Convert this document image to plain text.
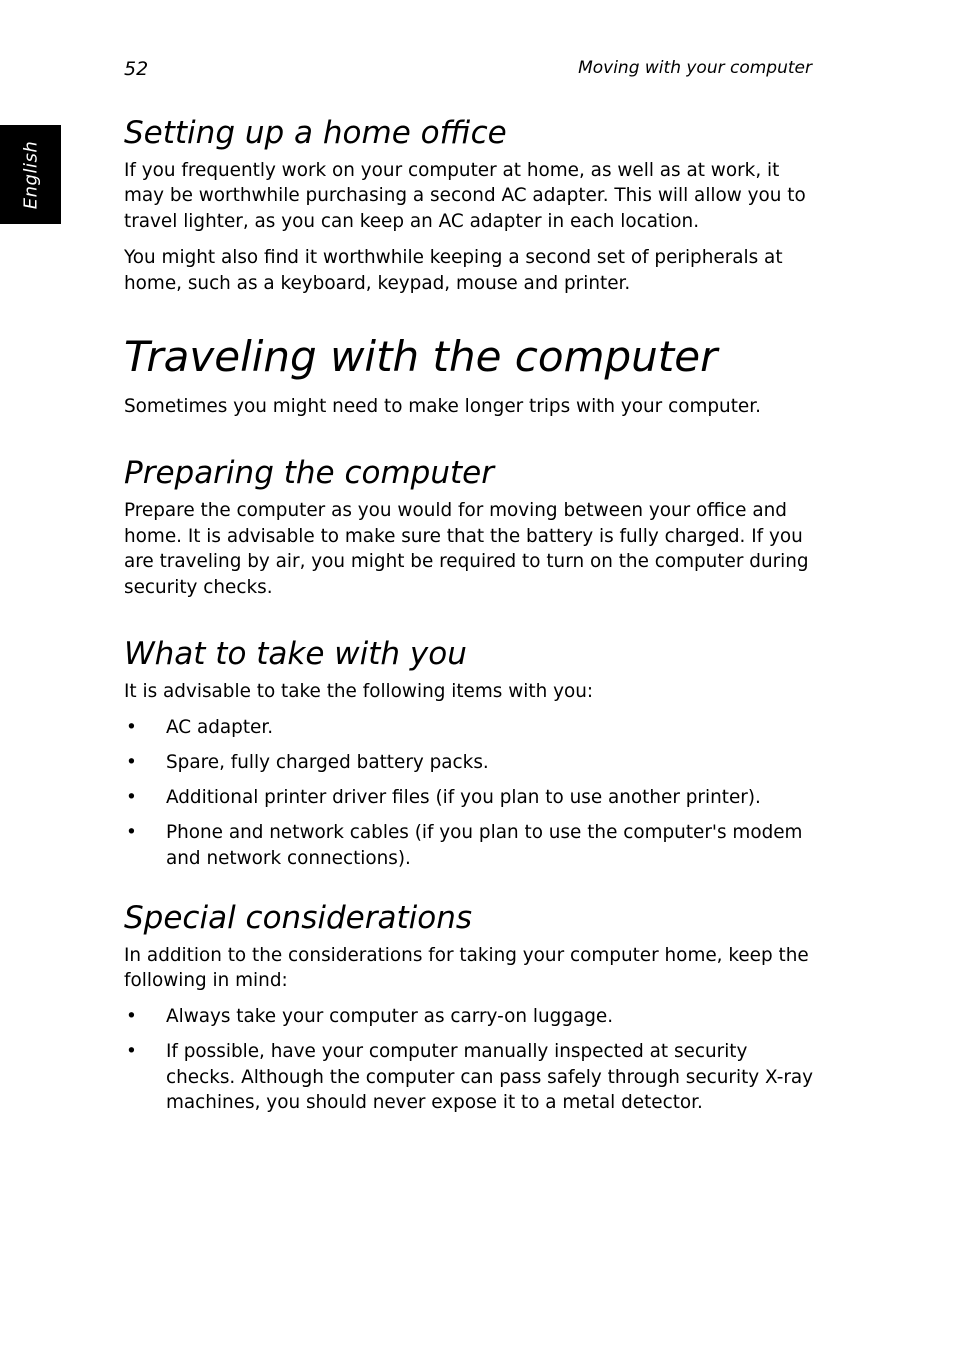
52	Moving with your computer
English
Setting up a home office

If you frequently work on your computer at home, as well as at work, it may be worthwhile purchasing a second AC adapter. This will allow you to travel lighter, as you can keep an AC adapter in each location.

You might also find it worthwhile keeping a second set of peripherals at home, such as a keyboard, keypad, mouse and printer.

Traveling with the computer

Sometimes you might need to make longer trips with your computer.

Preparing the computer

Prepare the computer as you would for moving between your office and home. It is advisable to make sure that the battery is fully charged. If you are traveling by air, you might be required to turn on the computer during security checks.

What to take with you

It is advisable to take the following items with you:

• AC adapter.
• Spare, fully charged battery packs.
• Additional printer driver files (if you plan to use another printer).
• Phone and network cables (if you plan to use the computer's modem and network connections).
Special considerations

In addition to the considerations for taking your computer home, keep the following in mind:

• Always take your computer as carry-on luggage.
• If possible, have your computer manually inspected at security checks. Although the computer can pass safely through security X-ray machines, you should never expose it to a metal detector.
